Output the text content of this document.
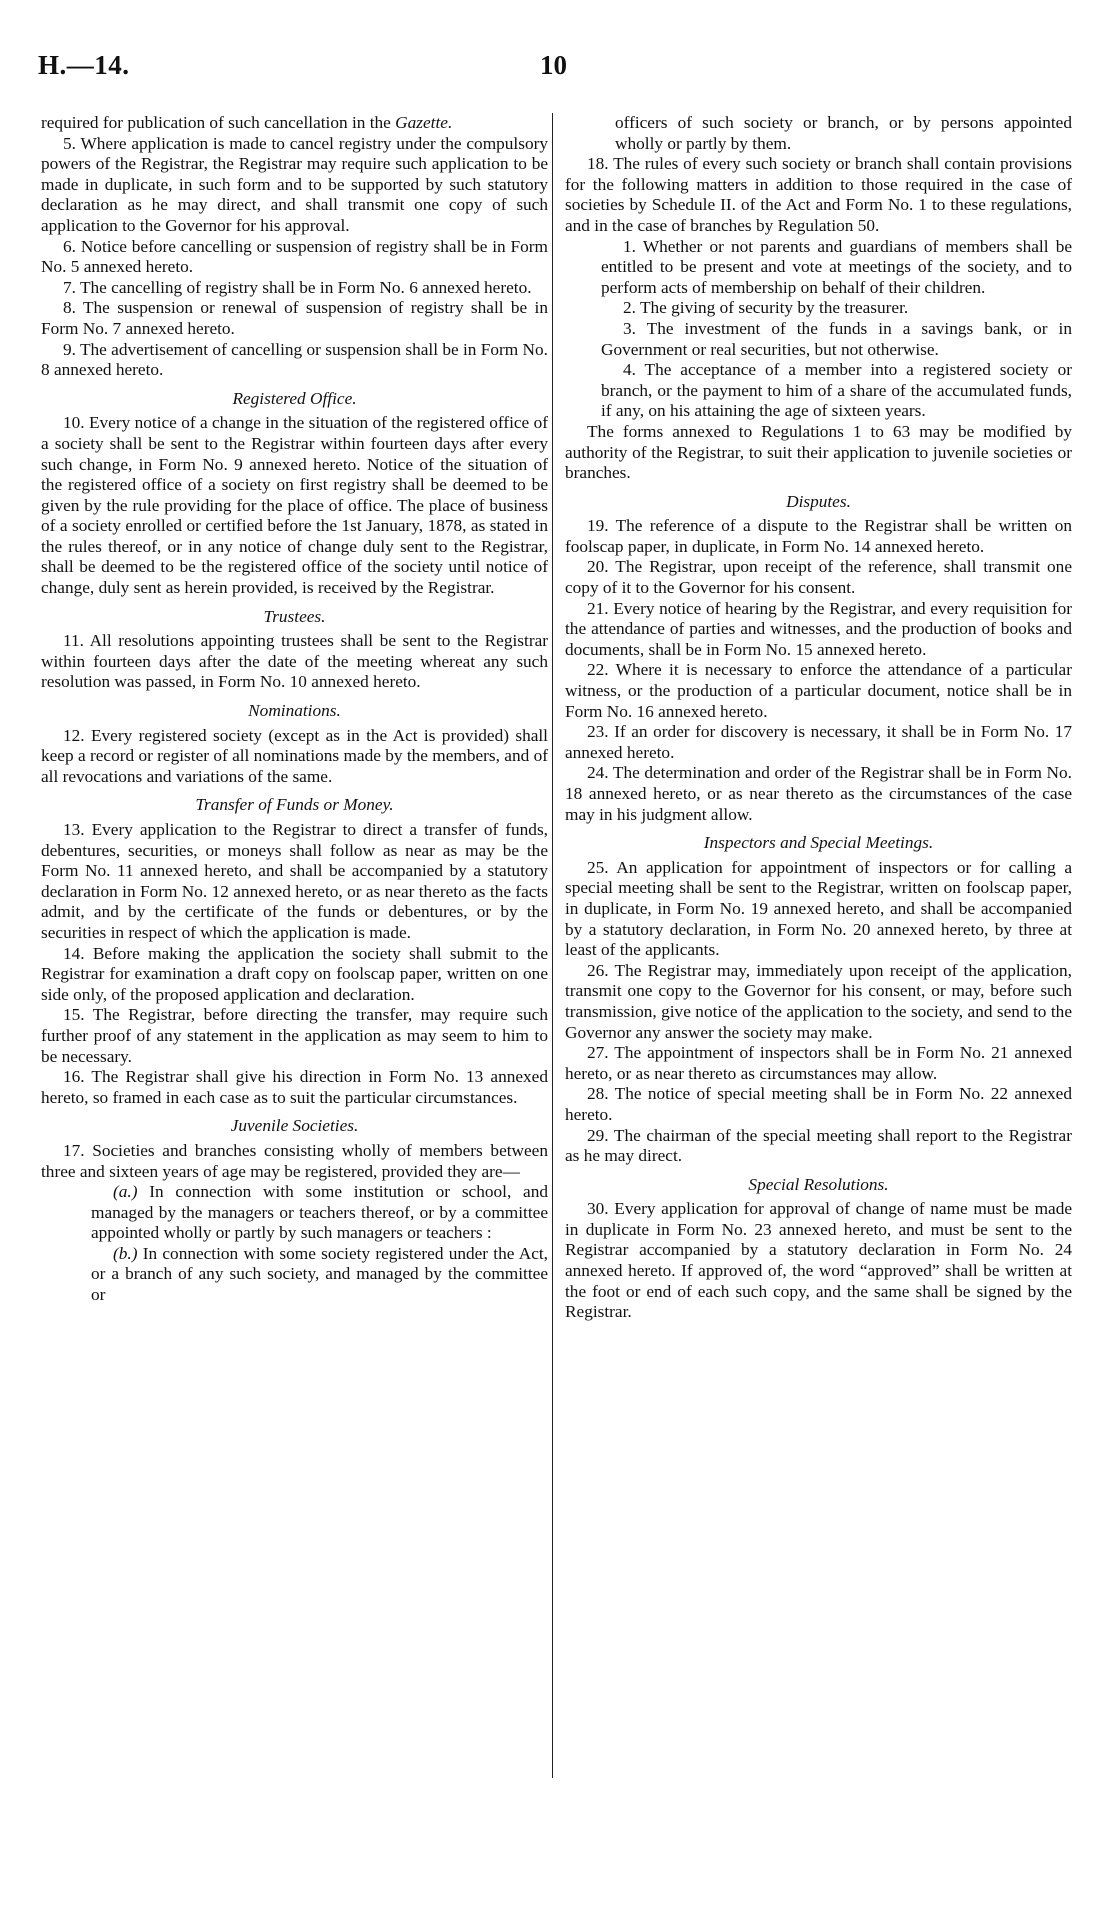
H.—14.	10

required for publication of such cancellation in the Gazette.

5. Where application is made to cancel registry under the compulsory powers of the Registrar, the Registrar may require such application to be made in duplicate, in such form and to be supported by such statutory declaration as he may direct, and shall transmit one copy of such application to the Governor for his approval.

6. Notice before cancelling or suspension of registry shall be in Form No. 5 annexed hereto.

7. The cancelling of registry shall be in Form No. 6 annexed hereto.

8. The suspension or renewal of suspension of registry shall be in Form No. 7 annexed hereto.

9. The advertisement of cancelling or suspension shall be in Form No. 8 annexed hereto.

Registered Office.

10. Every notice of a change in the situation of the registered office of a society shall be sent to the Registrar within fourteen days after every such change, in Form No. 9 annexed hereto. Notice of the situation of the registered office of a society on first registry shall be deemed to be given by the rule providing for the place of office. The place of business of a society enrolled or certified before the 1st January, 1878, as stated in the rules thereof, or in any notice of change duly sent to the Registrar, shall be deemed to be the registered office of the society until notice of change, duly sent as herein provided, is received by the Registrar.

Trustees.

11. All resolutions appointing trustees shall be sent to the Registrar within fourteen days after the date of the meeting whereat any such resolution was passed, in Form No. 10 annexed hereto.

Nominations.

12. Every registered society (except as in the Act is provided) shall keep a record or register of all nominations made by the members, and of all revocations and variations of the same.

Transfer of Funds or Money.

13. Every application to the Registrar to direct a transfer of funds, debentures, securities, or moneys shall follow as near as may be the Form No. 11 annexed hereto, and shall be accompanied by a statutory declaration in Form No. 12 annexed hereto, or as near thereto as the facts admit, and by the certificate of the funds or debentures, or by the securities in respect of which the application is made.

14. Before making the application the society shall submit to the Registrar for examination a draft copy on foolscap paper, written on one side only, of the proposed application and declaration.

15. The Registrar, before directing the transfer, may require such further proof of any statement in the application as may seem to him to be necessary.

16. The Registrar shall give his direction in Form No. 13 annexed hereto, so framed in each case as to suit the particular circumstances.

Juvenile Societies.

17. Societies and branches consisting wholly of members between three and sixteen years of age may be registered, provided they are—

(a.) In connection with some institution or school, and managed by the managers or teachers thereof, or by a committee appointed wholly or partly by such managers or teachers :

(b.) In connection with some society registered under the Act, or a branch of any such society, and managed by the committee or

officers of such society or branch, or by persons appointed wholly or partly by them.

18. The rules of every such society or branch shall contain provisions for the following matters in addition to those required in the case of societies by Schedule II. of the Act and Form No. 1 to these regulations, and in the case of branches by Regulation 50.

1. Whether or not parents and guardians of members shall be entitled to be present and vote at meetings of the society, and to perform acts of membership on behalf of their children.

2. The giving of security by the treasurer.

3. The investment of the funds in a savings bank, or in Government or real securities, but not otherwise.

4. The acceptance of a member into a registered society or branch, or the payment to him of a share of the accumulated funds, if any, on his attaining the age of sixteen years.

The forms annexed to Regulations 1 to 63 may be modified by authority of the Registrar, to suit their application to juvenile societies or branches.

Disputes.

19. The reference of a dispute to the Registrar shall be written on foolscap paper, in duplicate, in Form No. 14 annexed hereto.

20. The Registrar, upon receipt of the reference, shall transmit one copy of it to the Governor for his consent.

21. Every notice of hearing by the Registrar, and every requisition for the attendance of parties and witnesses, and the production of books and documents, shall be in Form No. 15 annexed hereto.

22. Where it is necessary to enforce the attendance of a particular witness, or the production of a particular document, notice shall be in Form No. 16 annexed hereto.

23. If an order for discovery is necessary, it shall be in Form No. 17 annexed hereto.

24. The determination and order of the Registrar shall be in Form No. 18 annexed hereto, or as near thereto as the circumstances of the case may in his judgment allow.

Inspectors and Special Meetings.

25. An application for appointment of inspectors or for calling a special meeting shall be sent to the Registrar, written on foolscap paper, in duplicate, in Form No. 19 annexed hereto, and shall be accompanied by a statutory declaration, in Form No. 20 annexed hereto, by three at least of the applicants.

26. The Registrar may, immediately upon receipt of the application, transmit one copy to the Governor for his consent, or may, before such transmission, give notice of the application to the society, and send to the Governor any answer the society may make.

27. The appointment of inspectors shall be in Form No. 21 annexed hereto, or as near thereto as circumstances may allow.

28. The notice of special meeting shall be in Form No. 22 annexed hereto.

29. The chairman of the special meeting shall report to the Registrar as he may direct.

Special Resolutions.

30. Every application for approval of change of name must be made in duplicate in Form No. 23 annexed hereto, and must be sent to the Registrar accompanied by a statutory declaration in Form No. 24 annexed hereto. If approved of, the word “approved” shall be written at the foot or end of each such copy, and the same shall be signed by the Registrar.
